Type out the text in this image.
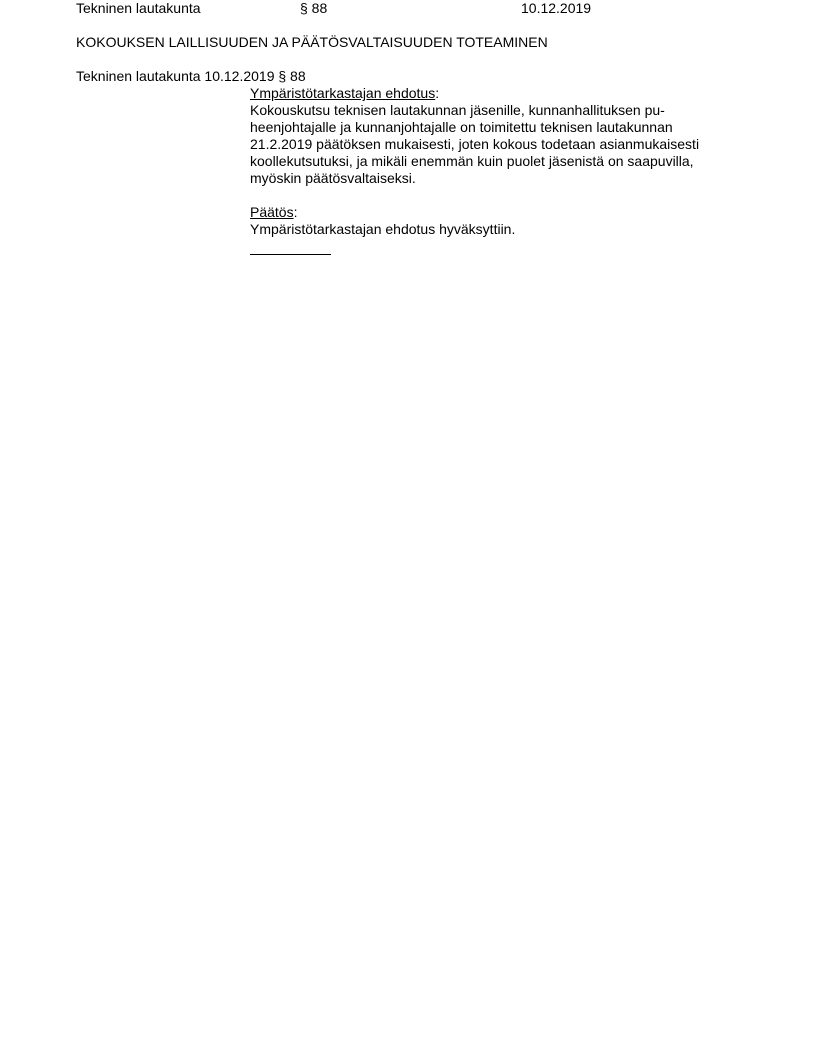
Tekninen lautakunta	§ 88	10.12.2019
KOKOUKSEN LAILLISUUDEN JA PÄÄTÖSVALTAISUUDEN TOTEAMINEN
Tekninen lautakunta 10.12.2019 § 88
Ympäristötarkastajan ehdotus:

Kokouskutsu teknisen lautakunnan jäsenille, kunnanhallituksen pu-

heenjohtajalle ja kunnanjohtajalle on toimitettu teknisen lautakunnan

21.2.2019 päätöksen mukaisesti, joten kokous todetaan asianmukaisesti

koollekutsutuksi, ja mikäli enemmän kuin puolet jäsenistä on saapuvilla,

myöskin päätösvaltaiseksi.

Päätös:
Ympäristötarkastajan ehdotus hyväksyttiin.
